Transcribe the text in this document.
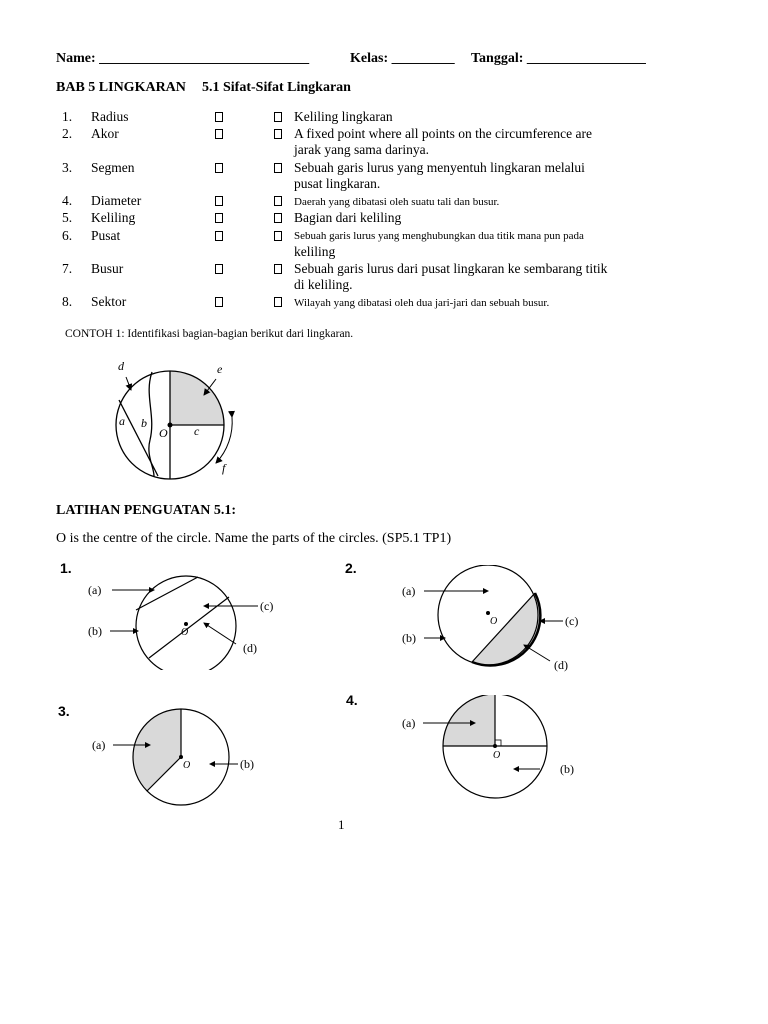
Name: ______________________________	Kelas: _________ Tanggal: _________________
BAB 5 LINGKARAN 5.1 Sifat-Sifat Lingkaran
1. Radius	Keliling lingkaran
2. Akor	A fixed point where all points on the circumference are
jarak yang sama darinya.
3. Segmen	Sebuah garis lurus yang menyentuh lingkaran melalui
pusat lingkaran.
4. Diameter	Daerah yang dibatasi oleh suatu tali dan busur.
5. Keliling	Bagian dari keliling
6. Pusat	Sebuah garis lurus yang menghubungkan dua titik mana pun pada
keliling
7. Busur	Sebuah garis lurus dari pusat lingkaran ke sembarang titik
di keliling.
8. Sektor	Wilayah yang dibatasi oleh dua jari-jari dan sebuah busur.
CONTOH 1: Identifikasi bagian-bagian berikut dari lingkaran.
d	e
a b
O c
f
LATIHAN PENGUATAN 5.1:
O is the centre of the circle. Name the parts of the circles. (SP5.1 TP1)
1.
(a)
(b)
(c)
(d)
O
2.
(a)
(b)
(c)
(d)
O
3.
(a)
(b)
O
4.
(a)
(b)
O
1
